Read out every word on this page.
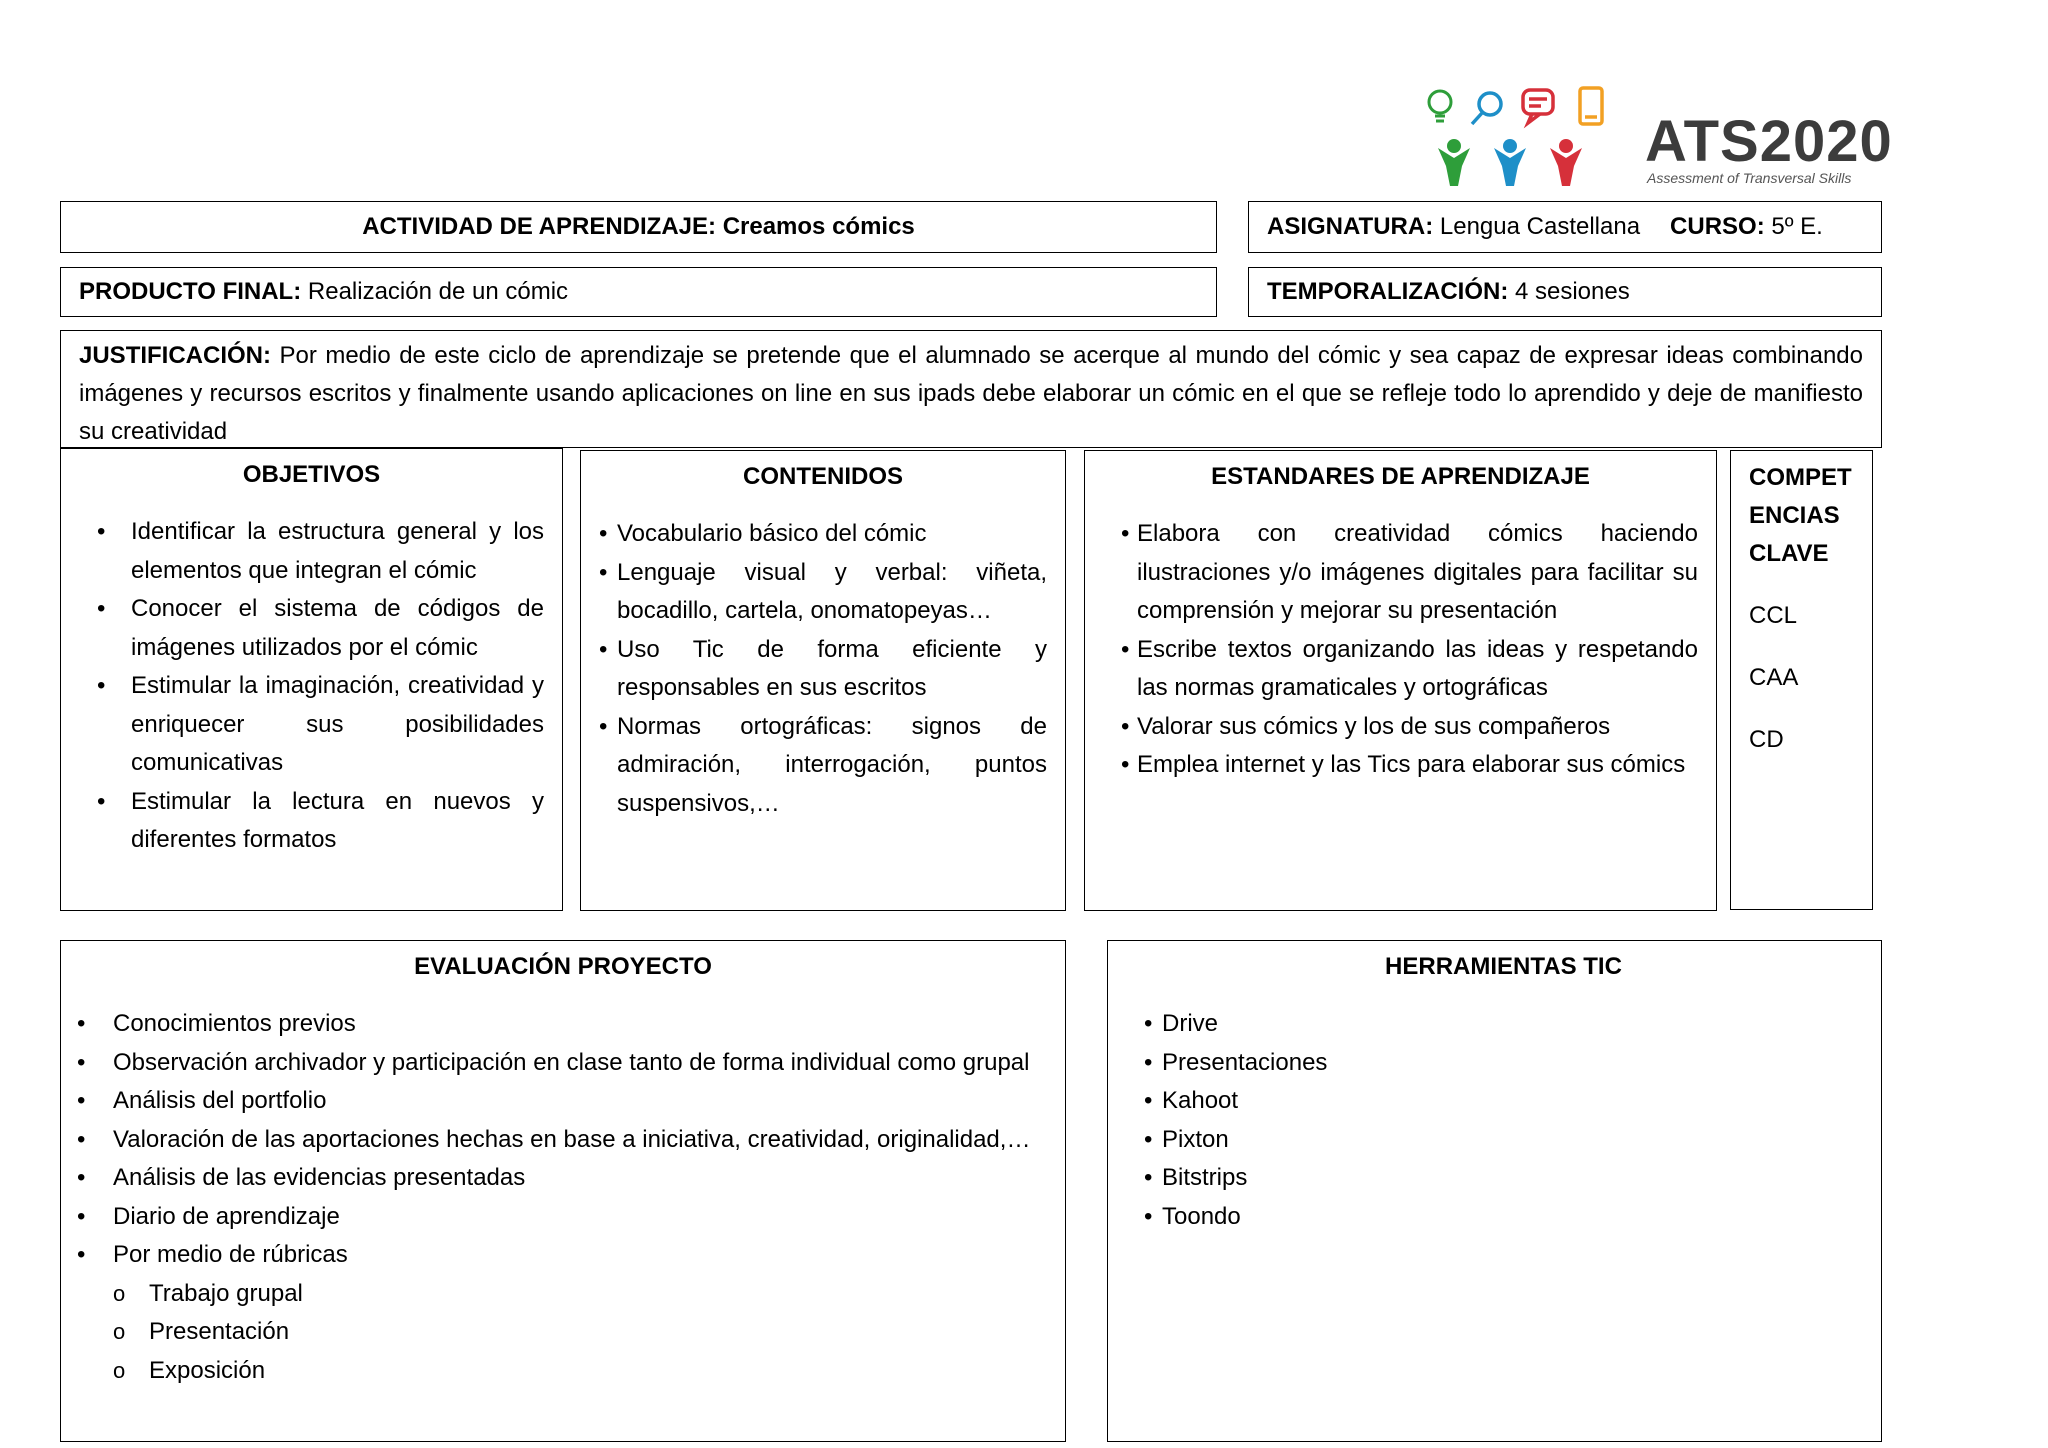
ATS2020
Assessment of Transversal Skills
ACTIVIDAD DE APRENDIZAJE:
Creamos cómics	ASIGNATURA:
Lengua Castellana CURSO:
5º E.
PRODUCTO FINAL:
Realización de un cómic	TEMPORALIZACIÓN:
4 sesiones
JUSTIFICACIÓN: Por medio de este ciclo de aprendizaje se pretende que el alumnado se acerque al mundo del cómic y sea capaz de expresar ideas combinando imágenes y recursos escritos y finalmente usando aplicaciones on line en sus ipads debe elaborar un cómic en el que se refleje todo lo aprendido y deje de manifiesto su creatividad

OBJETIVOS

• Identificar la estructura general y los elementos que integran el cómic
• Conocer el sistema de códigos de imágenes utilizados por el cómic
• Estimular la imaginación, creatividad y enriquecer sus posibilidades comunicativas
• Estimular la lectura en nuevos y diferentes formatos

CONTENIDOS

• Vocabulario básico del cómic
• Lenguaje visual y verbal: viñeta, bocadillo, cartela, onomatopeyas…
• Uso Tic de forma eficiente y responsables en sus escritos
• Normas ortográficas: signos de admiración, interrogación, puntos suspensivos,…

ESTANDARES DE APRENDIZAJE

• Elabora con creatividad cómics haciendo ilustraciones y/o imágenes digitales para facilitar su comprensión y mejorar su presentación
• Escribe textos organizando las ideas y respetando las normas gramaticales y ortográficas
• Valorar sus cómics y los de sus compañeros
• Emplea internet y las Tics para elaborar sus cómics

COMPET

ENCIAS

CLAVE

CCL

CAA

CD

EVALUACIÓN PROYECTO

• Conocimientos previos
• Observación archivador y participación en clase tanto de forma individual como grupal
• Análisis del portfolio
• Valoración de las aportaciones hechas en base a iniciativa, creatividad, originalidad,…
• Análisis de las evidencias presentadas
• Diario de aprendizaje
• Por medio de rúbricas
o Trabajo grupal
o Presentación
o Exposición

HERRAMIENTAS TIC

• Drive
• Presentaciones
• Kahoot
• Pixton
• Bitstrips
• Toondo
